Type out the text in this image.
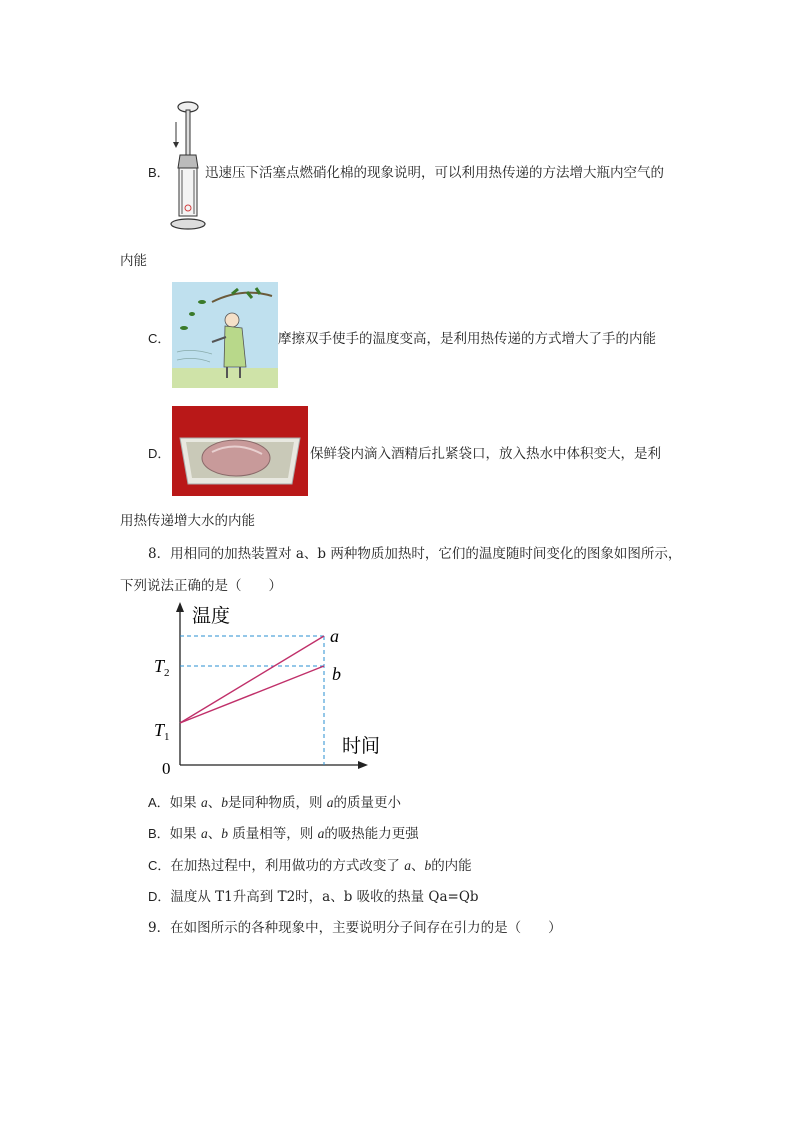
B．	迅速压下活塞点燃硝化棉的现象说明，可以利用热传递的方法增大瓶内空气的
内能
C．	摩擦双手使手的温度变高，是利用热传递的方式增大了手的内能
D．	保鲜袋内滴入酒精后扎紧袋口，放入热水中体积变大，是利
用热传递增大水的内能
8．用相同的加热装置对 a、b 两种物质加热时，它们的温度随时间变化的图象如图所示，
下列说法正确的是（　　）
温度
时间
0
a
b
$T_2$
$T_1$
A．如果 a、b是同种物质，则 a的质量更小
B．如果 a、b 质量相等，则 a的吸热能力更强
C．在加热过程中，利用做功的方式改变了 a、b的内能
D．温度从 T1升高到 T2时，a、b 吸收的热量 Qa=Qb
9．在如图所示的各种现象中，主要说明分子间存在引力的是（　　）
